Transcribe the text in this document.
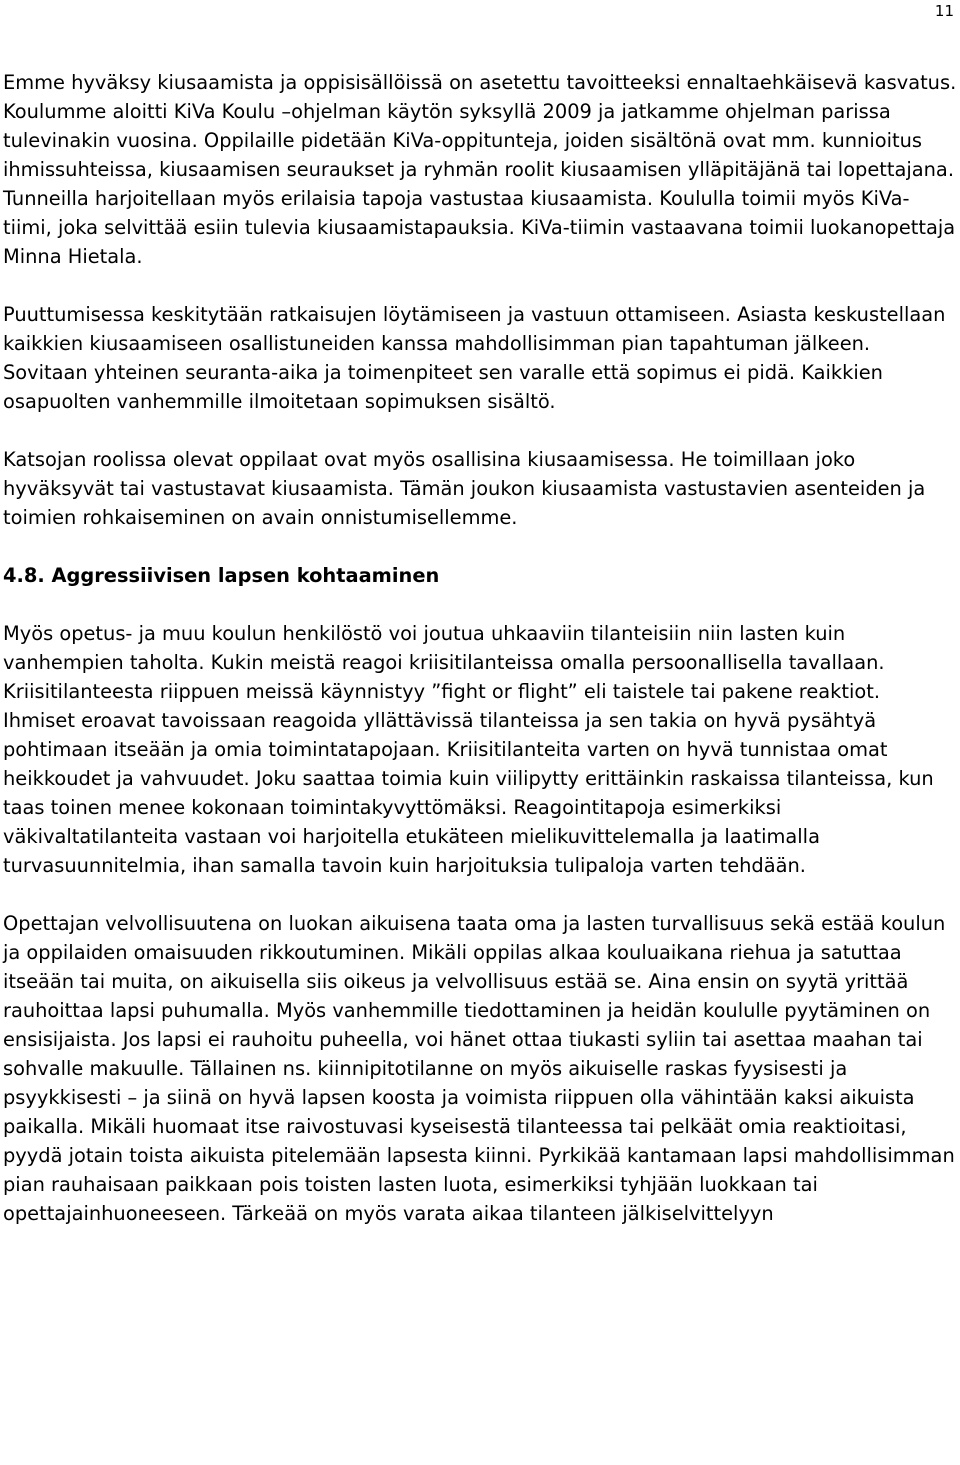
11

Emme hyväksy kiusaamista ja oppisisällöissä on asetettu tavoitteeksi ennaltaehkäisevä kasvatus. Koulumme aloitti KiVa Koulu –ohjelman käytön syksyllä 2009 ja jatkamme ohjelman parissa tulevinakin vuosina. Oppilaille pidetään KiVa-oppitunteja, joiden sisältönä ovat mm. kunnioitus ihmissuhteissa, kiusaamisen seuraukset ja ryhmän roolit kiusaamisen ylläpitäjänä tai lopettajana. Tunneilla harjoitellaan myös erilaisia tapoja vastustaa kiusaamista. Koululla toimii myös KiVa-tiimi, joka selvittää esiin tulevia kiusaamistapauksia. KiVa-tiimin vastaavana toimii luokanopettaja Minna Hietala.

Puuttumisessa keskitytään ratkaisujen löytämiseen ja vastuun ottamiseen. Asiasta keskustellaan kaikkien kiusaamiseen osallistuneiden kanssa mahdollisimman pian tapahtuman jälkeen. Sovitaan yhteinen seuranta-aika ja toimenpiteet sen varalle että sopimus ei pidä. Kaikkien osapuolten vanhemmille ilmoitetaan sopimuksen sisältö.

Katsojan roolissa olevat oppilaat ovat myös osallisina kiusaamisessa. He toimillaan joko hyväksyvät tai vastustavat kiusaamista. Tämän joukon kiusaamista vastustavien asenteiden ja toimien rohkaiseminen on avain onnistumisellemme.

4.8. Aggressiivisen lapsen kohtaaminen

Myös opetus- ja muu koulun henkilöstö voi joutua uhkaaviin tilanteisiin niin lasten kuin vanhempien taholta. Kukin meistä reagoi kriisitilanteissa omalla persoonallisella tavallaan. Kriisitilanteesta riippuen meissä käynnistyy ”fight or flight” eli taistele tai pakene reaktiot. Ihmiset eroavat tavoissaan reagoida yllättävissä tilanteissa ja sen takia on hyvä pysähtyä pohtimaan itseään ja omia toimintatapojaan. Kriisitilanteita varten on hyvä tunnistaa omat heikkoudet ja vahvuudet. Joku saattaa toimia kuin viilipytty erittäinkin raskaissa tilanteissa, kun taas toinen menee kokonaan toimintakyvyttömäksi. Reagointitapoja esimerkiksi väkivaltatilanteita vastaan voi harjoitella etukäteen mielikuvittelemalla ja laatimalla turvasuunnitelmia, ihan samalla tavoin kuin harjoituksia tulipaloja varten tehdään.

Opettajan velvollisuutena on luokan aikuisena taata oma ja lasten turvallisuus sekä estää koulun ja oppilaiden omaisuuden rikkoutuminen. Mikäli oppilas alkaa kouluaikana riehua ja satuttaa itseään tai muita, on aikuisella siis oikeus ja velvollisuus estää se. Aina ensin on syytä yrittää rauhoittaa lapsi puhumalla. Myös vanhemmille tiedottaminen ja heidän koululle pyytäminen on ensisijaista. Jos lapsi ei rauhoitu puheella, voi hänet ottaa tiukasti syliin tai asettaa maahan tai sohvalle makuulle. Tällainen ns. kiinnipitotilanne on myös aikuiselle raskas fyysisesti ja psyykkisesti – ja siinä on hyvä lapsen koosta ja voimista riippuen olla vähintään kaksi aikuista paikalla. Mikäli huomaat itse raivostuvasi kyseisestä tilanteessa tai pelkäät omia reaktioitasi, pyydä jotain toista aikuista pitelemään lapsesta kiinni. Pyrkikää kantamaan lapsi mahdollisimman pian rauhaisaan paikkaan pois toisten lasten luota, esimerkiksi tyhjään luokkaan tai opettajainhuoneeseen. Tärkeää on myös varata aikaa tilanteen jälkiselvittelyyn
